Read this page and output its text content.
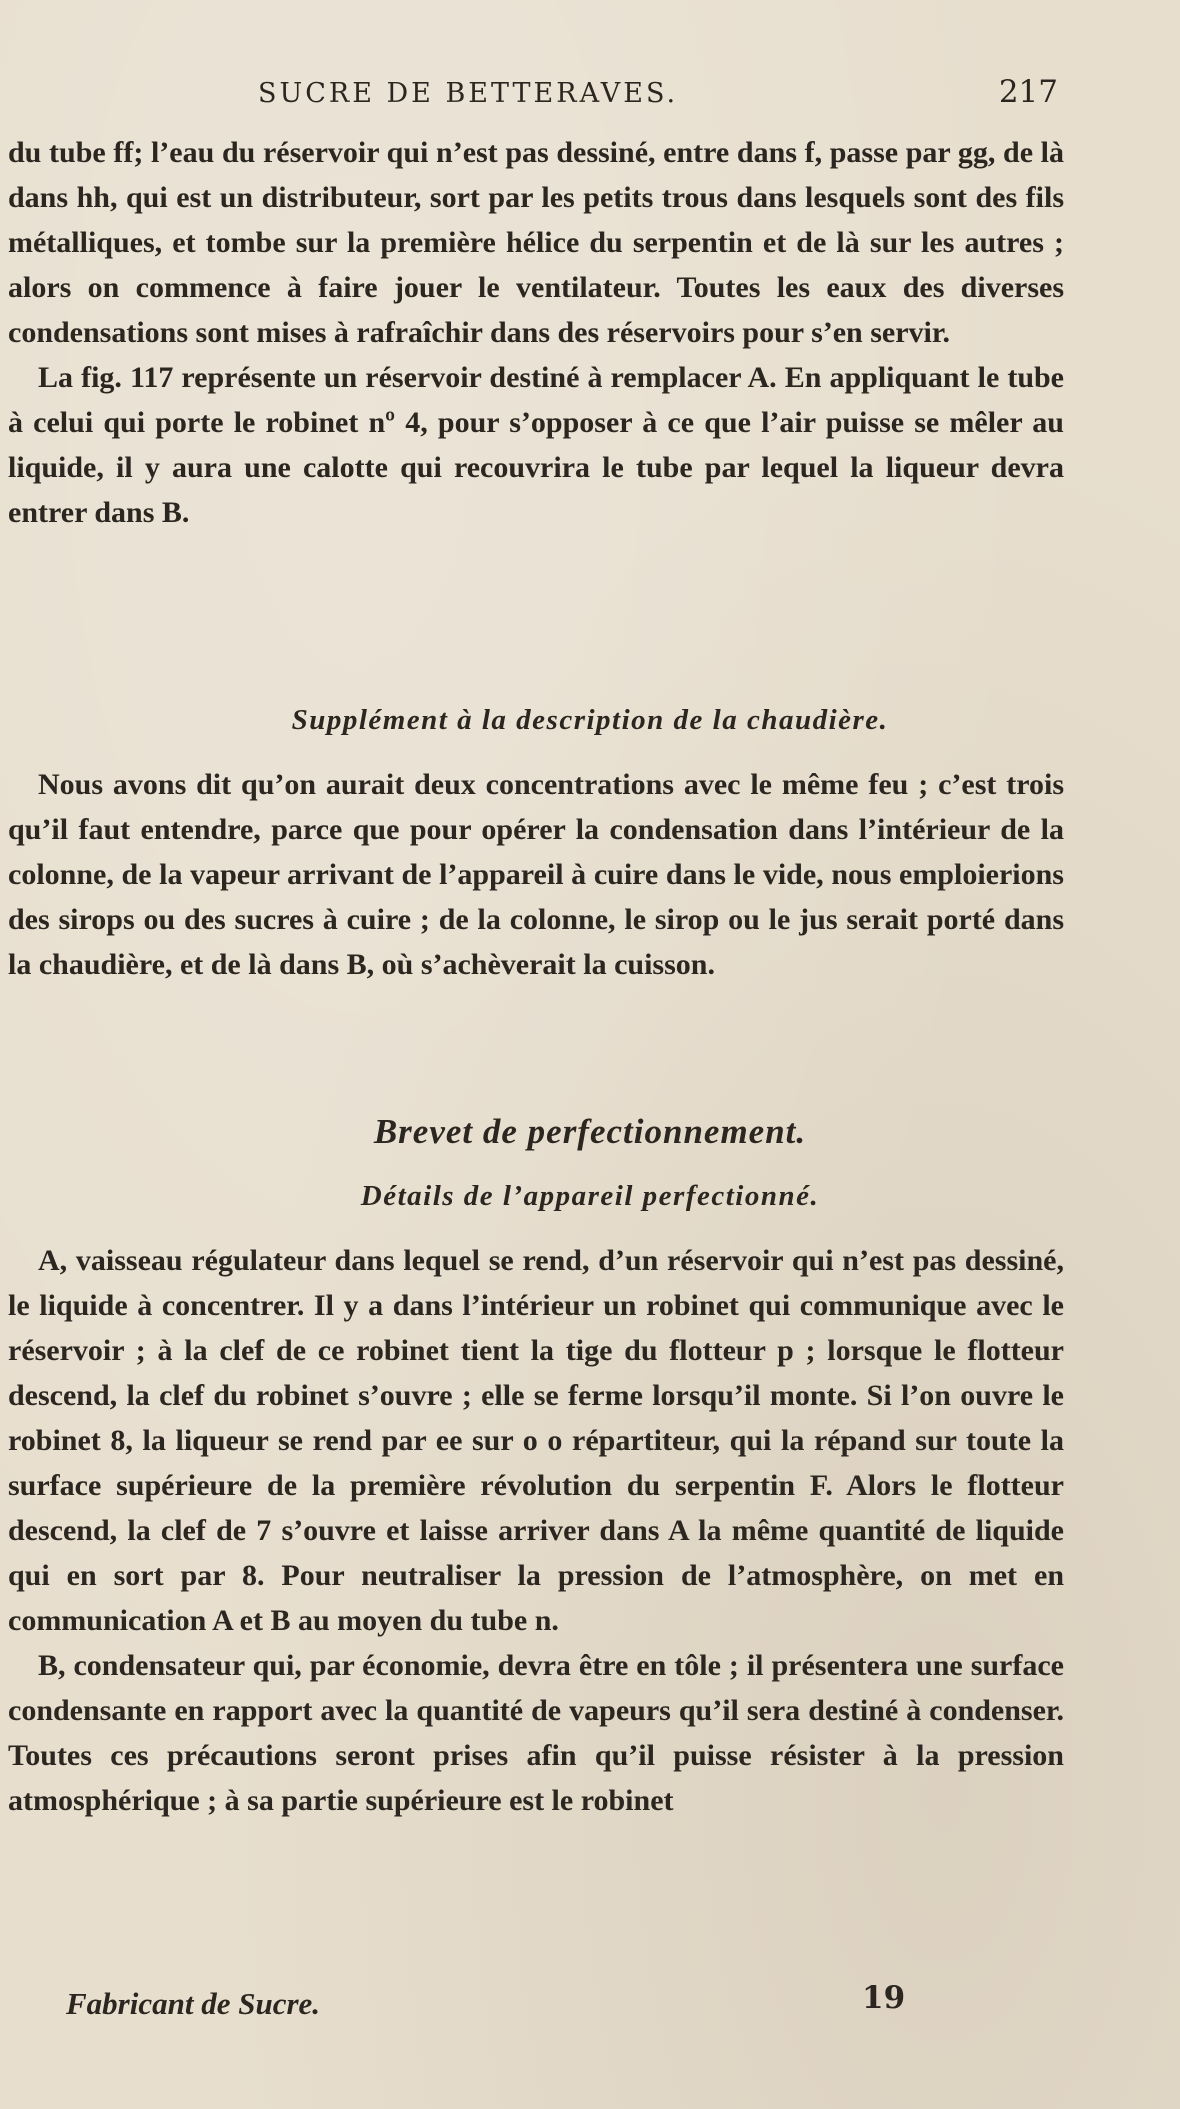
SUCRE DE BETTERAVES.	217

du tube ff; l’eau du réservoir qui n’est pas dessiné, entre dans f, passe par gg, de là dans hh, qui est un distributeur, sort par les petits trous dans lesquels sont des fils métalliques, et tombe sur la première hélice du serpentin et de là sur les autres ; alors on commence à faire jouer le ventilateur. Toutes les eaux des diverses condensations sont mises à rafraîchir dans des réservoirs pour s’en servir.

La fig. 117 représente un réservoir destiné à remplacer A. En appliquant le tube à celui qui porte le robinet nº 4, pour s’opposer à ce que l’air puisse se mêler au liquide, il y aura une calotte qui recouvrira le tube par lequel la liqueur devra entrer dans B.

Supplément à la description de la chaudière.

Nous avons dit qu’on aurait deux concentrations avec le même feu ; c’est trois qu’il faut entendre, parce que pour opérer la condensation dans l’intérieur de la colonne, de la vapeur arrivant de l’appareil à cuire dans le vide, nous emploierions des sirops ou des sucres à cuire ; de la colonne, le sirop ou le jus serait porté dans la chaudière, et de là dans B, où s’achèverait la cuisson.

Brevet de perfectionnement.
Détails de l’appareil perfectionné.

A, vaisseau régulateur dans lequel se rend, d’un réservoir qui n’est pas dessiné, le liquide à concentrer. Il y a dans l’intérieur un robinet qui communique avec le réservoir ; à la clef de ce robinet tient la tige du flotteur p ; lorsque le flotteur descend, la clef du robinet s’ouvre ; elle se ferme lorsqu’il monte. Si l’on ouvre le robinet 8, la liqueur se rend par ee sur o o répartiteur, qui la répand sur toute la surface supérieure de la première révolution du serpentin F. Alors le flotteur descend, la clef de 7 s’ouvre et laisse arriver dans A la même quantité de liquide qui en sort par 8. Pour neutraliser la pression de l’atmosphère, on met en communication A et B au moyen du tube n.

B, condensateur qui, par économie, devra être en tôle ; il présentera une surface condensante en rapport avec la quantité de vapeurs qu’il sera destiné à condenser. Toutes ces précautions seront prises afin qu’il puisse résister à la pression atmosphérique ; à sa partie supérieure est le robinet

Fabricant de Sucre.	19
